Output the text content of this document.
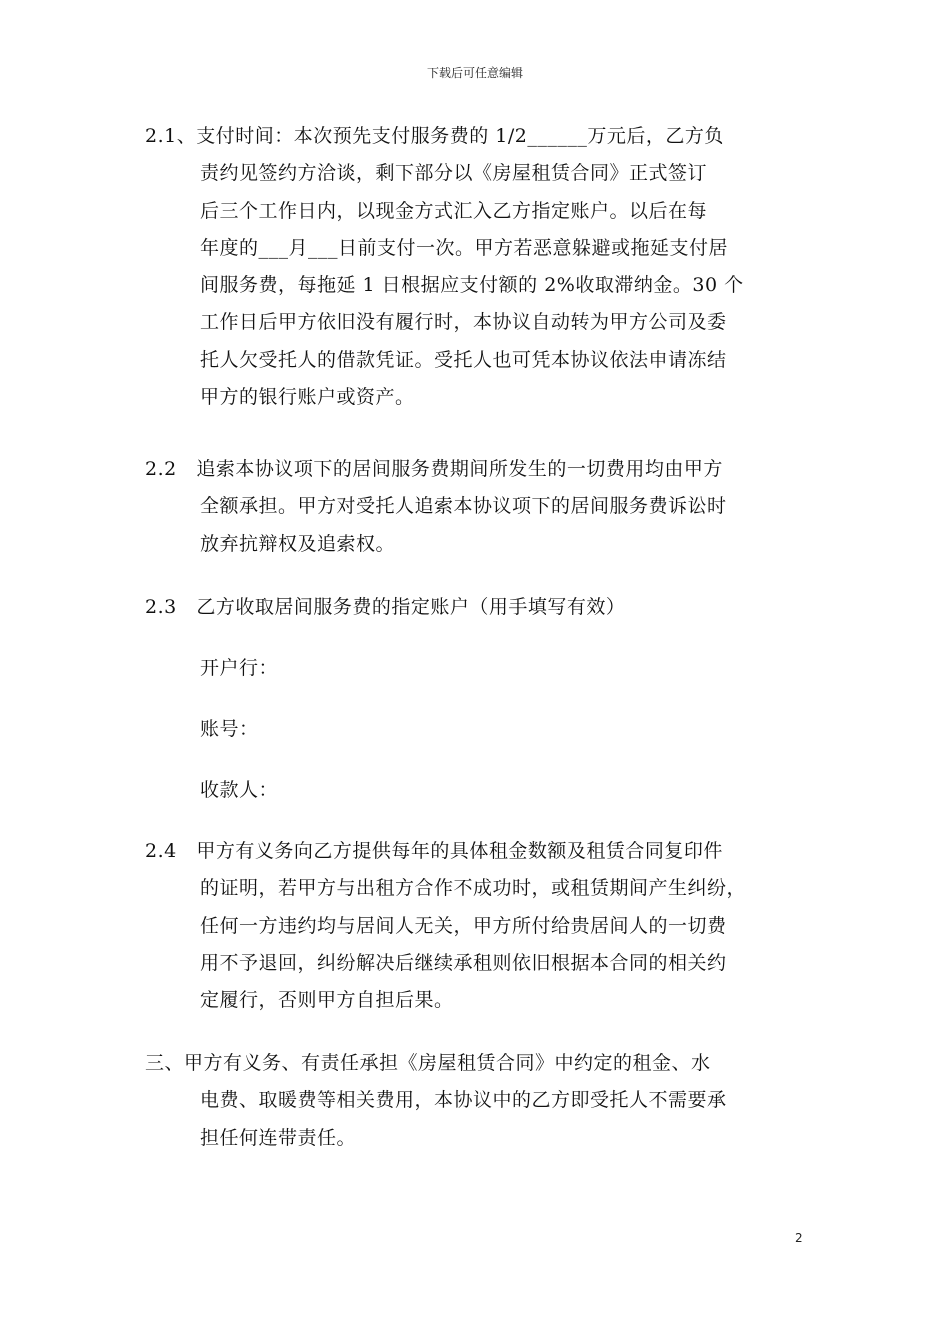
下载后可任意编辑
2.1、支付时间：本次预先支付服务费的 1/2______万元后，乙方负
责约见签约方洽谈，剩下部分以《房屋租赁合同》正式签订
后三个工作日内，以现金方式汇入乙方指定账户。以后在每
年度的___月___日前支付一次。甲方若恶意躲避或拖延支付居
间服务费，每拖延 1 日根据应支付额的 2%收取滞纳金。30 个
工作日后甲方依旧没有履行时，本协议自动转为甲方公司及委
托人欠受托人的借款凭证。受托人也可凭本协议依法申请冻结
甲方的银行账户或资产。
2.2   追索本协议项下的居间服务费期间所发生的一切费用均由甲方
全额承担。甲方对受托人追索本协议项下的居间服务费诉讼时
放弃抗辩权及追索权。
2.3   乙方收取居间服务费的指定账户（用手填写有效）
开户行：
账号：
收款人：
2.4   甲方有义务向乙方提供每年的具体租金数额及租赁合同复印件
的证明，若甲方与出租方合作不成功时，或租赁期间产生纠纷，
任何一方违约均与居间人无关，甲方所付给贵居间人的一切费
用不予退回，纠纷解决后继续承租则依旧根据本合同的相关约
定履行，否则甲方自担后果。
三、甲方有义务、有责任承担《房屋租赁合同》中约定的租金、水
电费、取暖费等相关费用，本协议中的乙方即受托人不需要承
担任何连带责任。
2
